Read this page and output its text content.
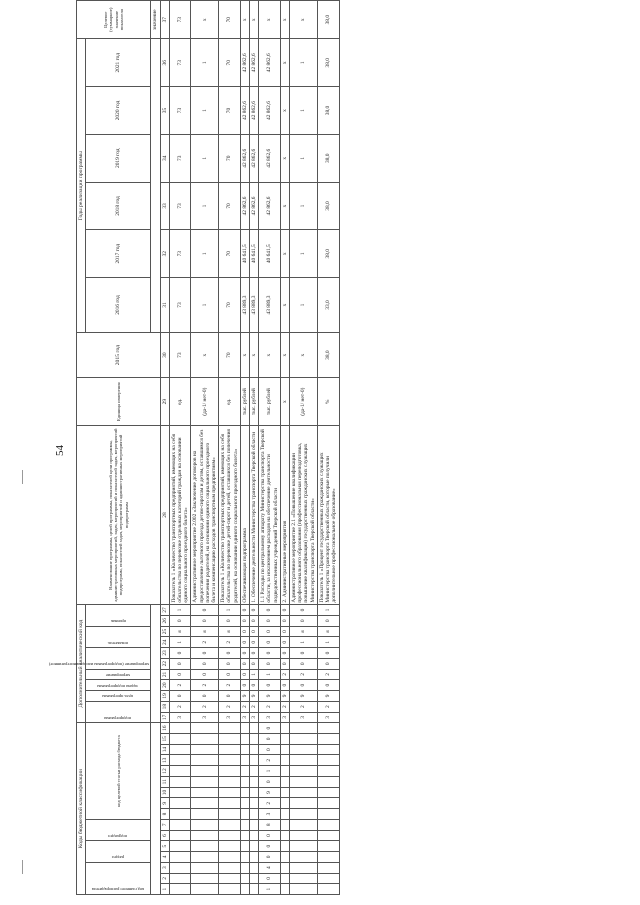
54
Коды бюджетной классификации																Дополнительный аналитический код											Наименование программы, целей программы, показателей цели программы, административных мероприятий, задач, мероприятий и показателей задач, мероприятий подпрограмм, показателей задач, мероприятий и административных мероприятий подпрограмм	Единица измерения	2015 год	Годы реализации программы						Целевое (суммарное) значение показателя

код главного распорядителя			раздел		подраздел		код целевой статьи расхода бюджета									подпрограмма		цель программы	задача подпрограммы	мероприятие	мероприятие (подпрограммы или административное)		показатель		признак					2016 год	2017 год	2018 год	2019 год	2020 год	2021 год	
																																				значение
1	2	3	4	5	6	7	8	9	10	11	12	13	14	15	16	17	18	19	20	21	22	23	24	25	26	27	28	29	30	31	32	33	34	35	36	37
																3	2	0	2	0	0	0	1	я	0	1	Показатель 1 «Количество транспортных предприятий, имеющих на себя обязательства по перевозке отдельных категорий граждан на основании единого социального проездного билета»	ед.	73	73	73	73	73	73	73	73
																3	2	0	2	0	0	0	2	я	0	0	Административное мероприятие 2.002 «Заключение договоров на предоставление льготного проезда детям-сиротам и детям, оставшимся без попечения родителей, на основании единого социального проездного билета и компенсацию расходов транспортным предприятиям»	(да-1/ нет-0)	х	1	1	1	1	1	1	х
																3	2	0	2	0	0	0	2	я	0	1	Показатель 1 «Количество транспортных предприятий, имеющих на себя обязательства по перевозке детей-сирот и детей, оставшихся без попечения родителей, на основании единого социального проездного билета»	ед.	70	70	70	70	70	70	70	70
																3	2	9	0	0	0	0	0	0	0	0	Обеспечивающая подпрограмма	тыс. рублей	х	43 889,3	40 641,5	42 862,6	42 862,6	42 862,6	42 862,6	х
																3	2	9	0	1	0	0	0	0	0	0	1. Обеспечение деятельности Министерства транспорта Тверской области	тыс. рублей	х	43 889,3	40 641,5	42 862,6	42 862,6	42 862,6	42 862,6	х
1	0	4	0	0	0	8	3	2	9	0	1	2	0	0	0	3	2	9	0	1	0	0	0	0	0	0	1.1 Расходы по центральному аппарату Министерства транспорта Тверской области, за исключением расходов на обеспечение деятельности подведомственных учреждений Тверской области	тыс. рублей	х	43 889,3	40 641,5	42 862,6	42 862,6	42 862,6	42 862,6	х
																3	2	9	0	2	0	0	0	0	0	0	2. Административные мероприятия	х	х	х	х	х	х	х	х	х
																3	2	9	0	2	0	0	1	я	0	0	Административное мероприятие 2.1 «Повышение квалификации профессионального образования (профессиональная переподготовка, повышение квалификации) государственных гражданских служащих Министерства транспорта Тверской области»	(да-1/ нет-0)	х	1	1	1	1	1	1	х
																3	2	9	0	2	0	0	1	я	0	1	Показатель 1 «Процент государственных гражданских служащих Министерства транспорта Тверской области, которые получили дополнительное профессиональное образование»	%	38,0	33,0	38,0	38,0	38,0	38,0	38,0	38,0
